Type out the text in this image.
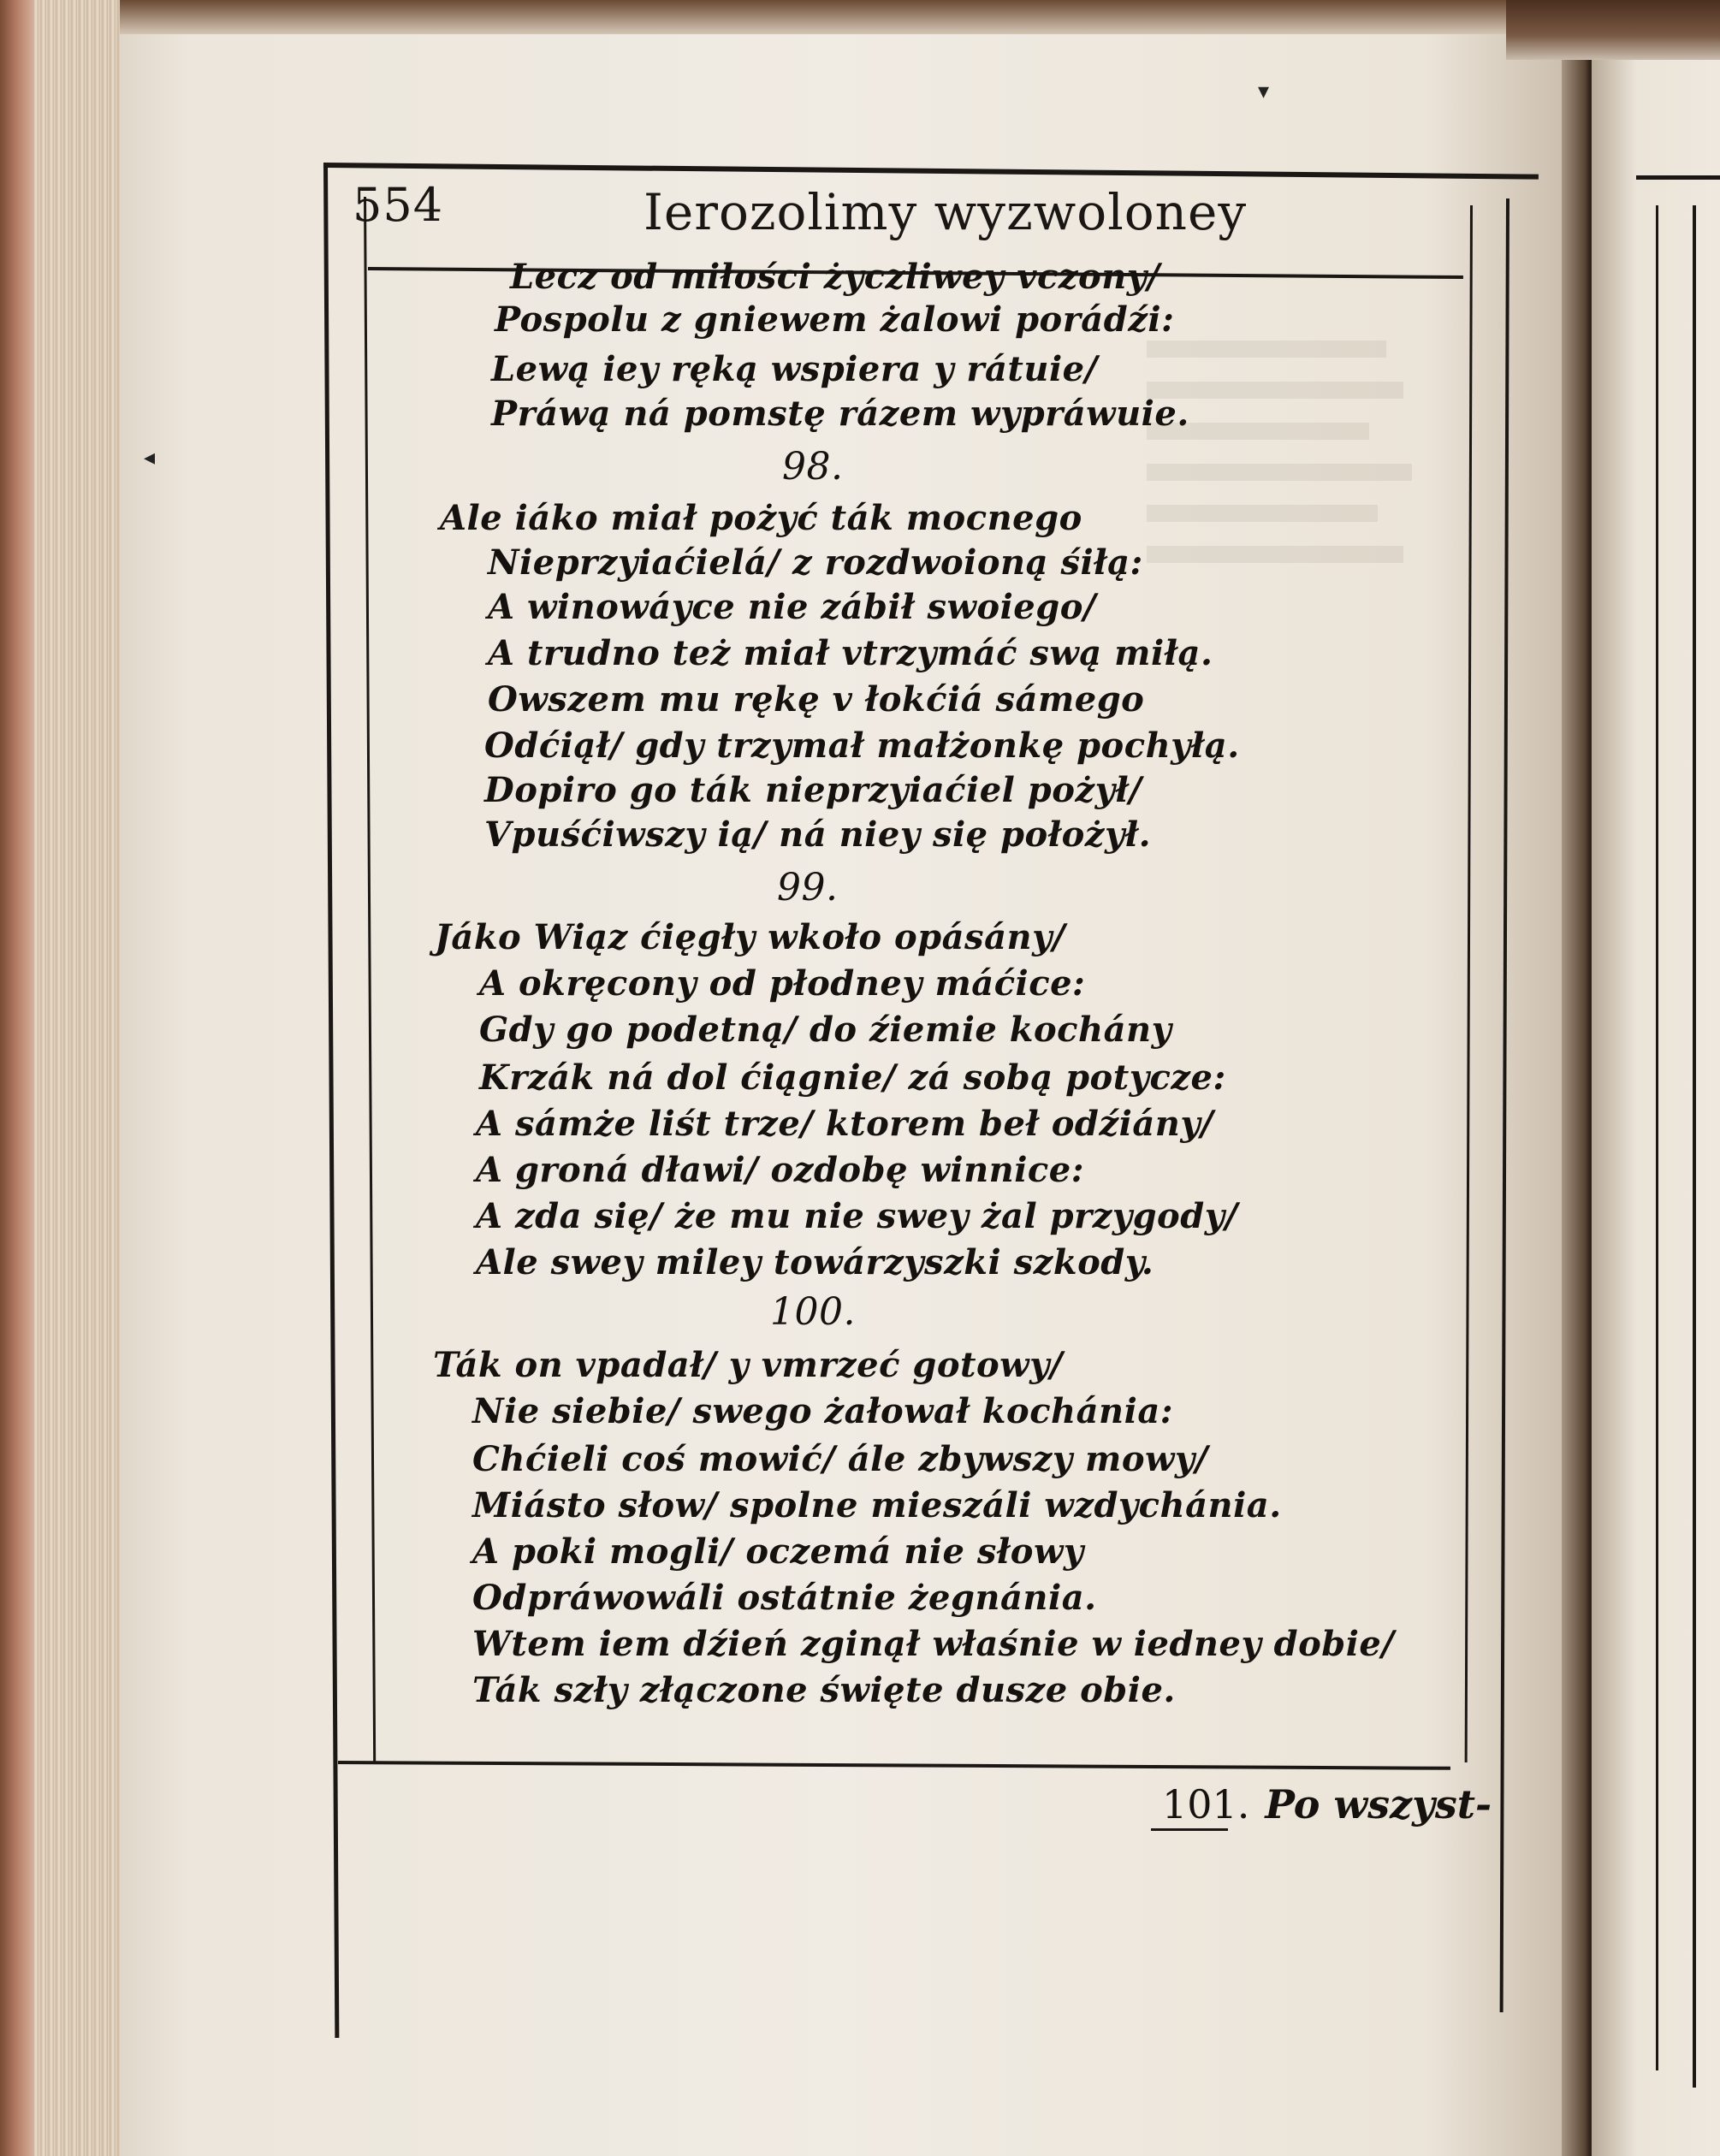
◂
▾
554	Ierozolimy wyzwoloney
Lecz od miłości życzliwey vczony/
Pospolu z gniewem żalowi porádźi:
Lewą iey ręką wspiera y rátuie/
Práwą ná pomstę rázem wypráwuie.
98.
Ale iáko miał pożyć ták mocnego
Nieprzyiaćielá/ z rozdwoioną śiłą:
A winowáyce nie zábił swoiego/
A trudno też miał vtrzymáć swą miłą.
Owszem mu rękę v łokćiá sámego
Odćiął/ gdy trzymał małżonkę pochyłą.
Dopiro go ták nieprzyiaćiel pożył/
Vpuśćiwszy ią/ ná niey się położył.
99.
Jáko Wiąz ćięgły wkoło opásány/
A okręcony od płodney máćice:
Gdy go podetną/ do źiemie kochány
Krzák ná dol ćiągnie/ zá sobą potycze:
A sámże liśt trze/ ktorem beł odźiány/
A groná dławi/ ozdobę winnice:
A zda się/ że mu nie swey żal przygody/
Ale swey miley towárzyszki szkody.
100.
Ták on vpadał/ y vmrzeć gotowy/
Nie siebie/ swego żałował kochánia:
Chćieli coś mowić/ ále zbywszy mowy/
Miásto słow/ spolne mieszáli wzdychánia.
A poki mogli/ oczemá nie słowy
Odpráwowáli ostátnie żegnánia.
Wtem iem dźień zginął właśnie w iedney dobie/
Ták szły złączone święte dusze obie.
101. Po wszyst-
